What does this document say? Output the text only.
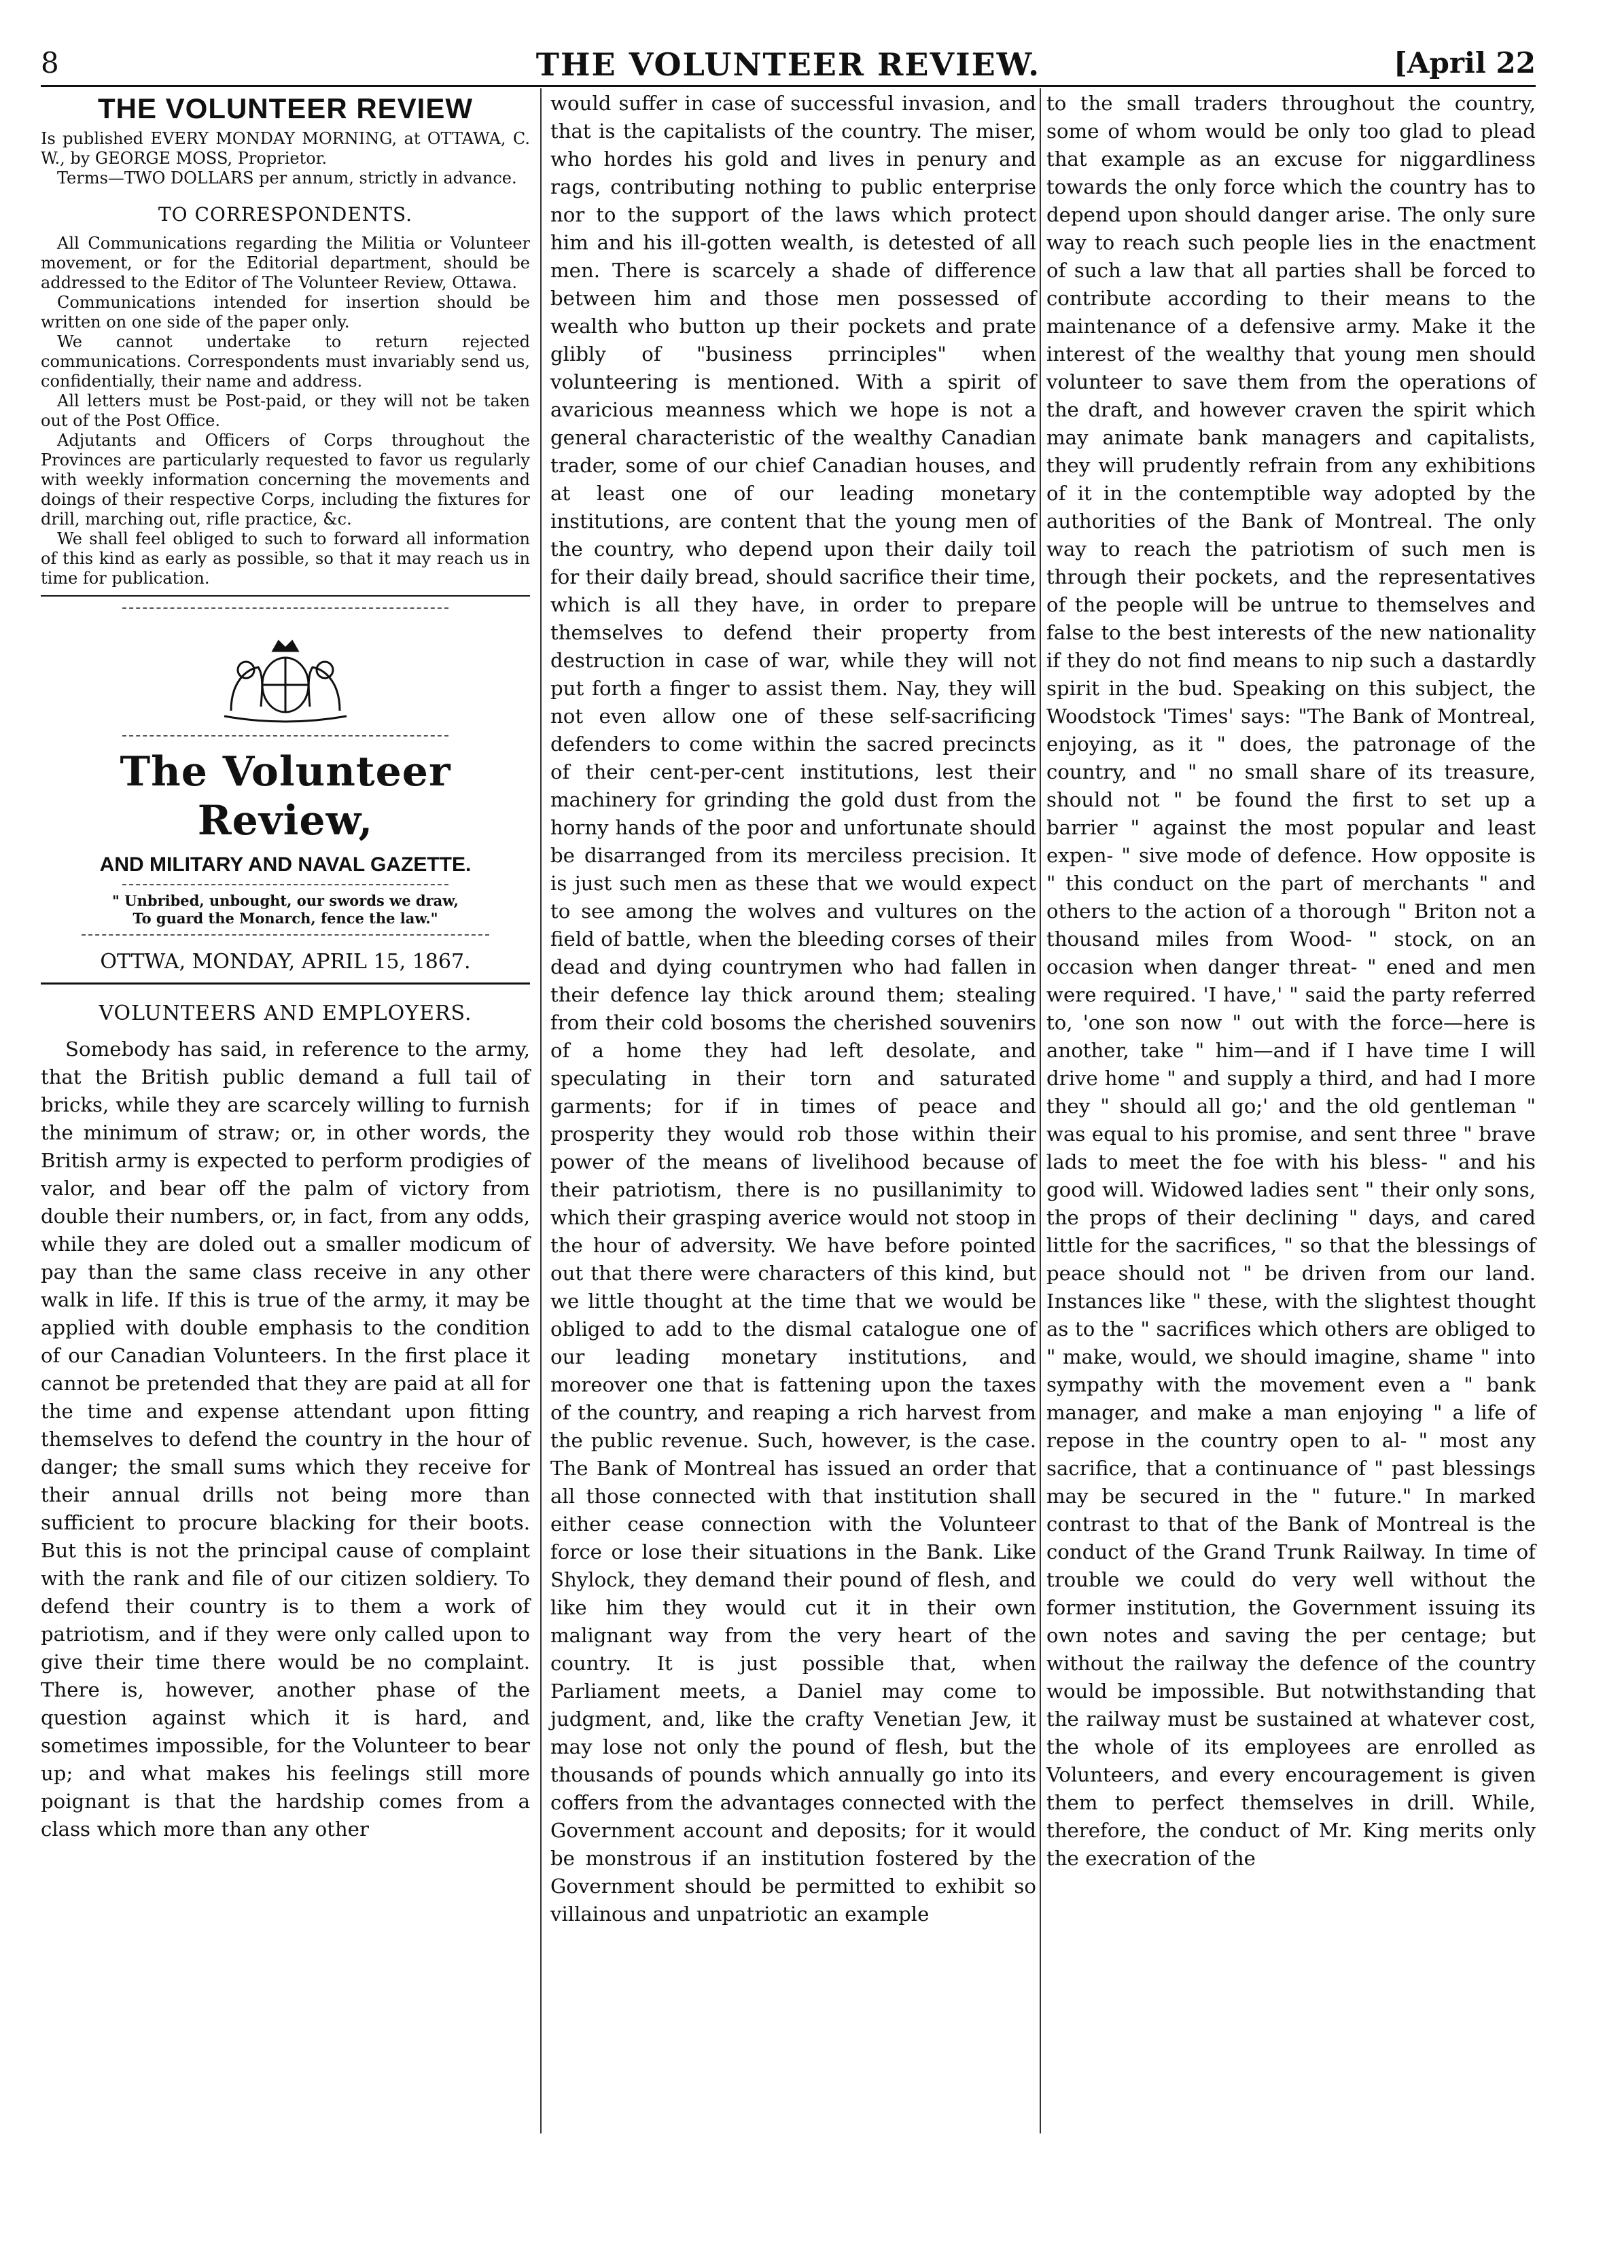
8	THE VOLUNTEER REVIEW.	[April 22
THE VOLUNTEER REVIEW

Is published EVERY MONDAY MORNING, at OTTAWA, C. W., by GEORGE MOSS, Proprietor.

Terms—TWO DOLLARS per annum, strictly in advance.

TO CORRESPONDENTS.

All Communications regarding the Militia or Volunteer movement, or for the Editorial department, should be addressed to the Editor of The Volunteer Review, Ottawa.

Communications intended for insertion should be written on one side of the paper only.

We cannot undertake to return rejected communications. Correspondents must invariably send us, confidentially, their name and address.

All letters must be Post-paid, or they will not be taken out of the Post Office.

Adjutants and Officers of Corps throughout the Provinces are particularly requested to favor us regularly with weekly information concerning the movements and doings of their respective Corps, including the fixtures for drill, marching out, rifle practice, &c.

We shall feel obliged to such to forward all information of this kind as early as possible, so that it may reach us in time for publication.

The Volunteer Review,
AND MILITARY AND NAVAL GAZETTE.
" Unbribed, unbought, our swords we draw,
To guard the Monarch, fence the law."
OTTWA, MONDAY, APRIL 15, 1867.
VOLUNTEERS AND EMPLOYERS.

Somebody has said, in reference to the army, that the British public demand a full tail of bricks, while they are scarcely willing to furnish the minimum of straw; or, in other words, the British army is expected to perform prodigies of valor, and bear off the palm of victory from double their numbers, or, in fact, from any odds, while they are doled out a smaller modicum of pay than the same class receive in any other walk in life. If this is true of the army, it may be applied with double emphasis to the condition of our Canadian Volunteers. In the first place it cannot be pretended that they are paid at all for the time and expense attendant upon fitting themselves to defend the country in the hour of danger; the small sums which they receive for their annual drills not being more than sufficient to procure blacking for their boots. But this is not the principal cause of complaint with the rank and file of our citizen soldiery. To defend their country is to them a work of patriotism, and if they were only called upon to give their time there would be no complaint. There is, however, another phase of the question against which it is hard, and sometimes impossible, for the Volunteer to bear up; and what makes his feelings still more poignant is that the hardship comes from a class which more than any other

would suffer in case of successful invasion, and that is the capitalists of the country. The miser, who hordes his gold and lives in penury and rags, contributing nothing to public enterprise nor to the support of the laws which protect him and his ill-gotten wealth, is detested of all men. There is scarcely a shade of difference between him and those men possessed of wealth who button up their pockets and prate glibly of "business prrinciples" when volunteering is mentioned. With a spirit of avaricious meanness which we hope is not a general characteristic of the wealthy Canadian trader, some of our chief Canadian houses, and at least one of our leading monetary institutions, are content that the young men of the country, who depend upon their daily toil for their daily bread, should sacrifice their time, which is all they have, in order to prepare themselves to defend their property from destruction in case of war, while they will not put forth a finger to assist them. Nay, they will not even allow one of these self-sacrificing defenders to come within the sacred precincts of their cent-per-cent institutions, lest their machinery for grinding the gold dust from the horny hands of the poor and unfortunate should be disarranged from its merciless precision. It is just such men as these that we would expect to see among the wolves and vultures on the field of battle, when the bleeding corses of their dead and dying countrymen who had fallen in their defence lay thick around them; stealing from their cold bosoms the cherished souvenirs of a home they had left desolate, and speculating in their torn and saturated garments; for if in times of peace and prosperity they would rob those within their power of the means of livelihood because of their patriotism, there is no pusillanimity to which their grasping averice would not stoop in the hour of adversity. We have before pointed out that there were characters of this kind, but we little thought at the time that we would be obliged to add to the dismal catalogue one of our leading monetary institutions, and moreover one that is fattening upon the taxes of the country, and reaping a rich harvest from the public revenue. Such, however, is the case. The Bank of Montreal has issued an order that all those connected with that institution shall either cease connection with the Volunteer force or lose their situations in the Bank. Like Shylock, they demand their pound of flesh, and like him they would cut it in their own malignant way from the very heart of the country. It is just possible that, when Parliament meets, a Daniel may come to judgment, and, like the crafty Venetian Jew, it may lose not only the pound of flesh, but the thousands of pounds which annually go into its coffers from the advantages connected with the Government account and deposits; for it would be monstrous if an institution fostered by the Government should be permitted to exhibit so villainous and unpatriotic an example

to the small traders throughout the country, some of whom would be only too glad to plead that example as an excuse for niggardliness towards the only force which the country has to depend upon should danger arise. The only sure way to reach such people lies in the enactment of such a law that all parties shall be forced to contribute according to their means to the maintenance of a defensive army. Make it the interest of the wealthy that young men should volunteer to save them from the operations of the draft, and however craven the spirit which may animate bank managers and capitalists, they will prudently refrain from any exhibitions of it in the contemptible way adopted by the authorities of the Bank of Montreal. The only way to reach the patriotism of such men is through their pockets, and the representatives of the people will be untrue to themselves and false to the best interests of the new nationality if they do not find means to nip such a dastardly spirit in the bud. Speaking on this subject, the Woodstock 'Times' says: "The Bank of Montreal, enjoying, as it " does, the patronage of the country, and " no small share of its treasure, should not " be found the first to set up a barrier " against the most popular and least expen- " sive mode of defence. How opposite is " this conduct on the part of merchants " and others to the action of a thorough " Briton not a thousand miles from Wood- " stock, on an occasion when danger threat- " ened and men were required. 'I have,' " said the party referred to, 'one son now " out with the force—here is another, take " him—and if I have time I will drive home " and supply a third, and had I more they " should all go;' and the old gentleman " was equal to his promise, and sent three " brave lads to meet the foe with his bless- " and his good will. Widowed ladies sent " their only sons, the props of their declining " days, and cared little for the sacrifices, " so that the blessings of peace should not " be driven from our land. Instances like " these, with the slightest thought as to the " sacrifices which others are obliged to " make, would, we should imagine, shame " into sympathy with the movement even a " bank manager, and make a man enjoying " a life of repose in the country open to al- " most any sacrifice, that a continuance of " past blessings may be secured in the " future." In marked contrast to that of the Bank of Montreal is the conduct of the Grand Trunk Railway. In time of trouble we could do very well without the former institution, the Government issuing its own notes and saving the per centage; but without the railway the defence of the country would be impossible. But notwithstanding that the railway must be sustained at whatever cost, the whole of its employees are enrolled as Volunteers, and every encouragement is given them to perfect themselves in drill. While, therefore, the conduct of Mr. King merits only the execration of the
